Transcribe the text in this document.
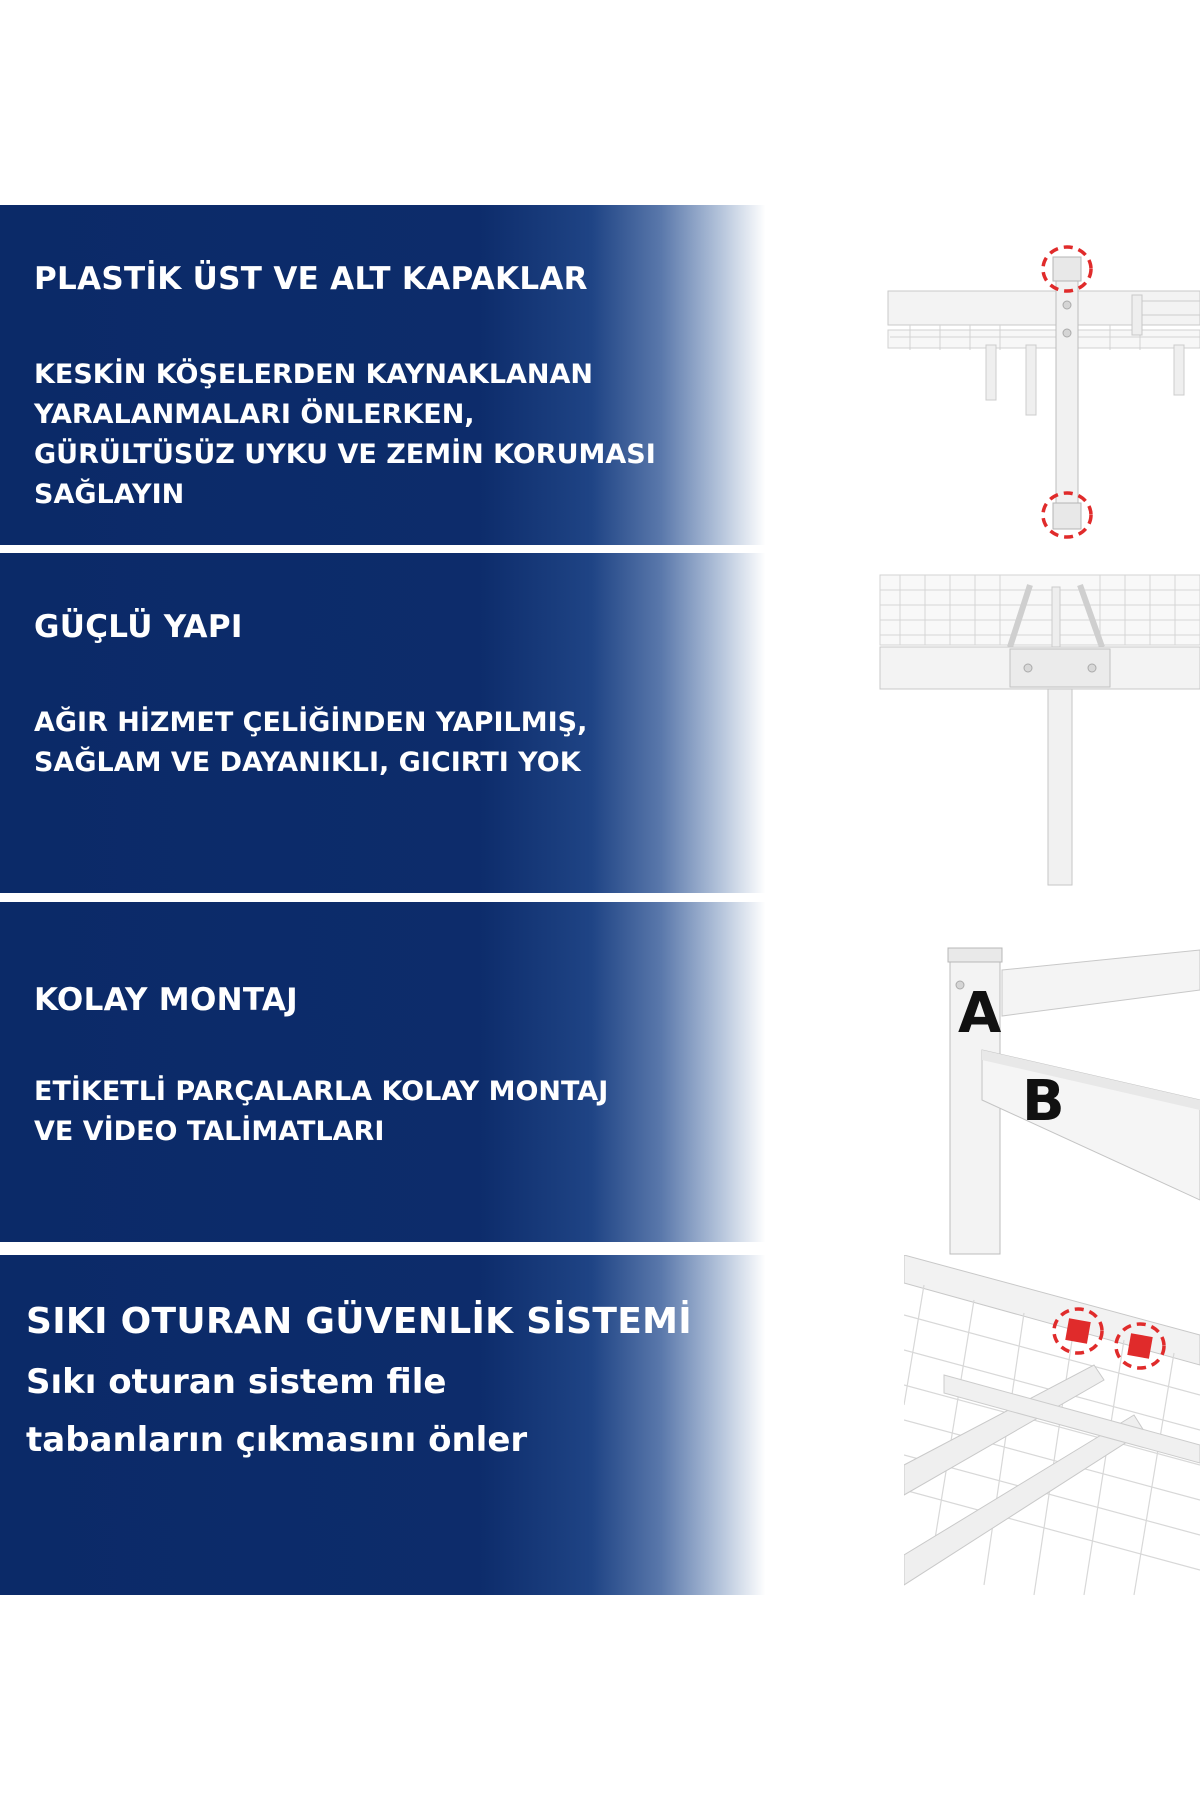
PLASTİK ÜST VE ALT KAPAKLAR

KESKİN KÖŞELERDEN KAYNAKLANAN YARALANMALARI ÖNLERKEN, GÜRÜLTÜSÜZ UYKU VE ZEMİN KORUMASI SAĞLAYIN

GÜÇLÜ YAPI

AĞIR HİZMET ÇELİĞİNDEN YAPILMIŞ, SAĞLAM VE DAYANIKLI, GICIRTI YOK

KOLAY MONTAJ

ETİKETLİ PARÇALARLA KOLAY MONTAJ VE VİDEO TALİMATLARI

A
B
SIKI OTURAN GÜVENLİK SİSTEMİ

Sıkı oturan sistem file

tabanların çıkmasını önler
